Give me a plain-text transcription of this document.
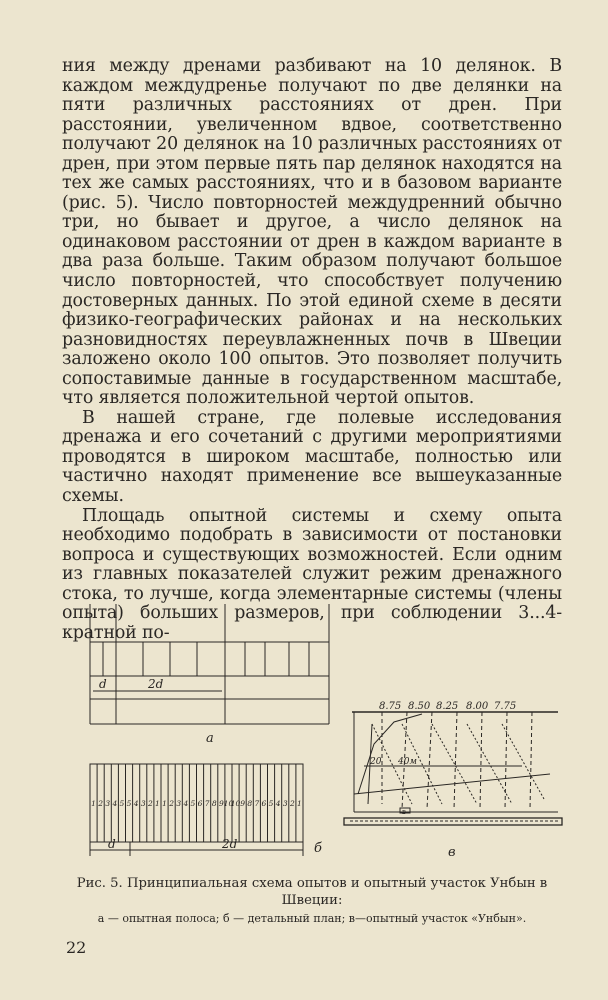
ния между дренами разбивают на 10 делянок. В каждом междудренье получают по две делянки на пяти различных расстояниях от дрен. При расстоянии, увеличенном вдвое, соответственно получают 20 делянок на 10 различных расстояниях от дрен, при этом первые пять пар делянок находятся на тех же самых расстояниях, что и в базовом варианте (рис. 5). Число повторностей междудренний обычно три, но бывает и другое, а число делянок на одинаковом расстоянии от дрен в каждом варианте в два раза больше. Таким образом получают большое число повторностей, что способствует получению достоверных данных. По этой единой схеме в десяти физико-географических районах и на нескольких разновидностях переувлажненных почв в Швеции заложено около 100 опытов. Это позволяет получить сопоставимые данные в государственном масштабе, что является положительной чертой опытов.

В нашей стране, где полевые исследования дренажа и его сочетаний с другими мероприятиями проводятся в широком масштабе, полностью или частично находят применение все вышеуказанные схемы.

Площадь опытной системы и схему опыта необходимо подобрать в зависимости от постановки вопроса и существующих возможностей. Если одним из главных показателей служит режим дренажного стока, то лучше, когда элементарные системы (члены опыта) больших размеров, при соблюдении 3...4-кратной по-

d	2d
а
d	2d	б	в
8.75 8.50 8.25 8.00 7.75
20 40м
в
1 2 3 4 5 5 4 3 2 1 1 2 3 4 5 6 7 8 9 10
10 9 8 7 6 5 4 3 2 1
Рис. 5. Принципиальная схема опытов и опытный участок Унбын в Швеции:
а — опытная полоса; б — детальный план; в—опытный участок «Унбын».
22
